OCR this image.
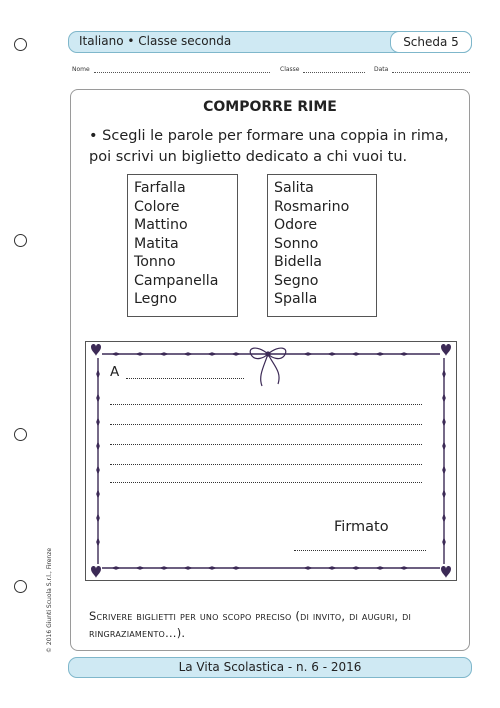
Italiano • Classe seconda	Scheda 5
Nome	Classe	Data
COMPORRE RIME
• Scegli le parole per formare una coppia in rima, poi scrivi un biglietto dedicato a chi vuoi tu.
Farfalla
Colore
Mattino
Matita
Tonno
Campanella
Legno
Salita
Rosmarino
Odore
Sonno
Bidella
Segno
Spalla
A
Firmato
Scrivere biglietti per uno scopo preciso (di invito, di auguri, di ringraziamento…).
© 2016 Giunti Scuola S.r.l., Firenze
La Vita Scolastica - n. 6 - 2016
